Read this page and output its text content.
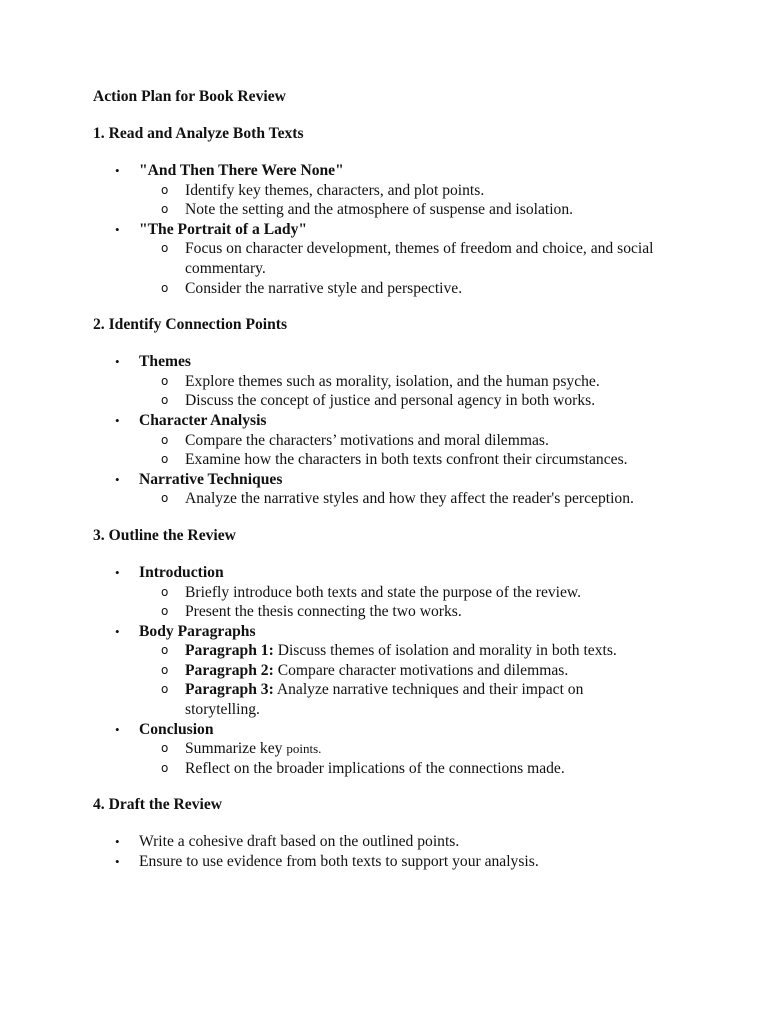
Action Plan for Book Review

1. Read and Analyze Both Texts

•
"And Then There Were None"
o Identify key themes, characters, and plot points.
o Note the setting and the atmosphere of suspense and isolation.
•
"The Portrait of a Lady"
o Focus on character development, themes of freedom and choice, and social commentary.
o Consider the narrative style and perspective.

2. Identify Connection Points

•
Themes
o Explore themes such as morality, isolation, and the human psyche.
o Discuss the concept of justice and personal agency in both works.
•
Character Analysis
o Compare the characters’ motivations and moral dilemmas.
o Examine how the characters in both texts confront their circumstances.
•
Narrative Techniques
o Analyze the narrative styles and how they affect the reader's perception.

3. Outline the Review

•
Introduction
o Briefly introduce both texts and state the purpose of the review.
o Present the thesis connecting the two works.
•
Body Paragraphs
o Paragraph 1: Discuss themes of isolation and morality in both texts.
o Paragraph 2: Compare character motivations and dilemmas.
o Paragraph 3: Analyze narrative techniques and their impact on storytelling.
•
Conclusion
o Summarize key points.
o Reflect on the broader implications of the connections made.

4. Draft the Review

•
Write a cohesive draft based on the outlined points.
•
Ensure to use evidence from both texts to support your analysis.
